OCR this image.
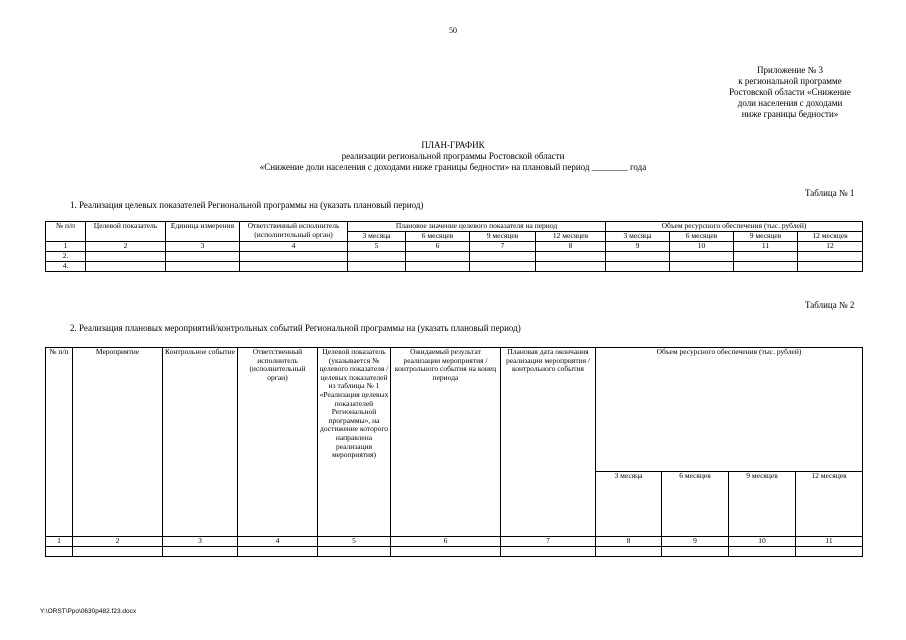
50
Приложение № 3
к региональной программе
Ростовской области «Снижение
доли населения с доходами
ниже границы бедности»
ПЛАН-ГРАФИК
реализации региональной программы Ростовской области
«Снижение доли населения с доходами ниже границы бедности» на плановый период ________ года
Таблица № 1
1. Реализация целевых показателей Региональной программы на (указать плановый период)
№ п/п	Целевой показатель	Единица измерения	Ответственный исполнитель (исполнительный орган)	Плановое значение целевого показателя на период				Объем ресурсного обеспечения (тыс. рублей)			
				3 месяца	6 месяцев	9 месяцев	12 месяцев	3 месяца	6 месяцев	9 месяцев	12 месяцев
1	2	3	4	5	6	7	8	9	10	11	12
2.											
4.											
Таблица № 2
2. Реализация плановых мероприятий/контрольных событий Региональной программы на (указать плановый период)
№ п/п	Мероприятие	Контрольное событие	Ответственный исполнитель (исполнительный орган)	Целевой показатель (указывается № целевого показателя / целевых показателей из таблицы № 1 «Реализация целевых показателей Региональной программы», на достижение которого направлена реализация мероприятия)	Ожидаемый результат реализации мероприятия / контрольного события на конец периода	Плановая дата окончания реализации мероприятия / контрольного события	Объем ресурсного обеспечения (тыс. рублей)			
							3 месяца	6 месяцев	9 месяцев	12 месяцев
1	2	3	4	5	6	7	8	9	10	11

Y:\ORST\Ppo\0630p482.f23.docx
